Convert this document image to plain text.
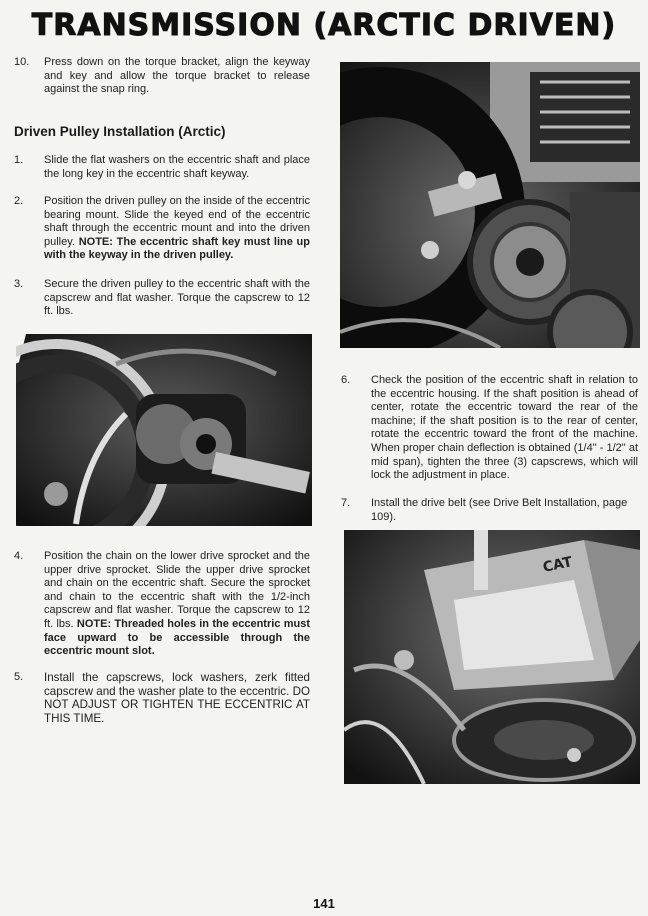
TRANSMISSION (ARCTIC DRIVEN)
10. Press down on the torque bracket, align the keyway and key and allow the torque bracket to release against the snap ring.
Driven Pulley Installation (Arctic)
1. Slide the flat washers on the eccentric shaft and place the long key in the eccentric shaft keyway.
2. Position the driven pulley on the inside of the eccentric bearing mount. Slide the keyed end of the eccentric shaft through the eccentric mount and into the driven pulley. NOTE: The eccentric shaft key must line up with the keyway in the driven pulley.
3. Secure the driven pulley to the eccentric shaft with the capscrew and flat washer. Torque the capscrew to 12 ft. lbs.
4. Position the chain on the lower drive sprocket and the upper drive sprocket. Slide the upper drive sprocket and chain on the eccentric shaft. Secure the sprocket and chain to the eccentric shaft with the 1/2-inch capscrew and flat washer. Torque the capscrew to 12 ft. lbs. NOTE: Threaded holes in the eccentric must face upward to be accessible through the eccentric mount slot.
5. Install the capscrews, lock washers, zerk fitted capscrew and the washer plate to the eccentric. DO NOT ADJUST OR TIGHTEN THE ECCENTRIC AT THIS TIME.
6. Check the position of the eccentric shaft in relation to the eccentric housing. If the shaft position is ahead of center, rotate the eccentric toward the rear of the machine; if the shaft position is to the rear of center, rotate the eccentric toward the front of the machine. When proper chain deflection is obtained (1/4" - 1/2" at mid span), tighten the three (3) capscrews, which will lock the adjustment in place.
7. Install the drive belt (see Drive Belt Installation, page 109).
CAT
141
